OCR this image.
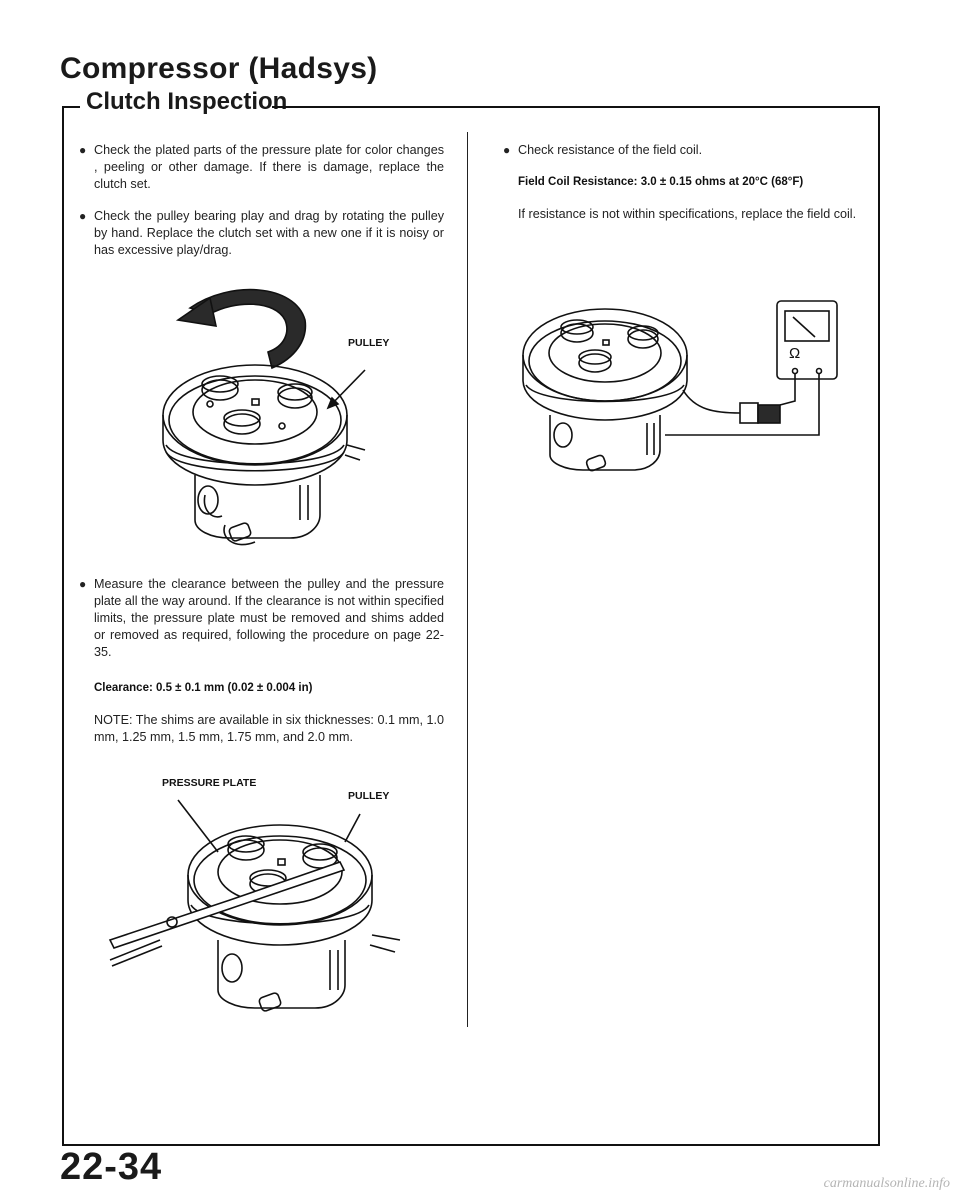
Compressor (Hadsys)
Clutch Inspection
● Check the plated parts of the pressure plate for color changes , peeling or other damage. If there is damage, replace the clutch set.

● Check the pulley bearing play and drag by rotating the pulley by hand. Replace the clutch set with a new one if it is noisy or has excessive play/drag.

PULLEY
● Measure the clearance between the pulley and the pressure plate all the way around. If the clearance is not within specified limits, the pressure plate must be removed and shims added or removed as required, following the procedure on page 22-35.

Clearance: 0.5 ± 0.1 mm (0.02 ± 0.004 in)
NOTE: The shims are available in six thicknesses: 0.1 mm, 1.0 mm, 1.25 mm, 1.5 mm, 1.75 mm, and 2.0 mm.
PRESSURE PLATE
PULLEY
● Check resistance of the field coil.

Field Coil Resistance: 3.0 ± 0.15 ohms at 20°C (68°F)
If resistance is not within specifications, replace the field coil.
Ω
22-34	carmanualsonline.info
